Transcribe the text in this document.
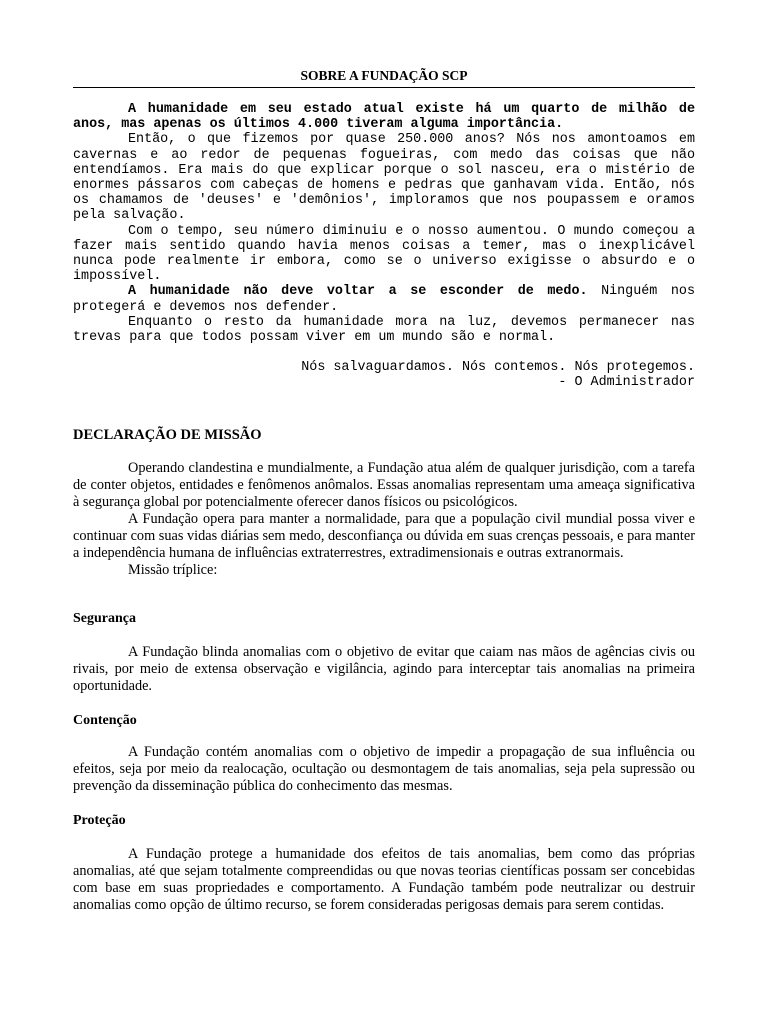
SOBRE A FUNDAÇÃO SCP

A humanidade em seu estado atual existe há um quarto de milhão de anos, mas apenas os últimos 4.000 tiveram alguma importância.

Então, o que fizemos por quase 250.000 anos? Nós nos amontoamos em cavernas e ao redor de pequenas fogueiras, com medo das coisas que não entendíamos. Era mais do que explicar porque o sol nasceu, era o mistério de enormes pássaros com cabeças de homens e pedras que ganhavam vida. Então, nós os chamamos de 'deuses' e 'demônios', imploramos que nos poupassem e oramos pela salvação.

Com o tempo, seu número diminuiu e o nosso aumentou. O mundo começou a fazer mais sentido quando havia menos coisas a temer, mas o inexplicável nunca pode realmente ir embora, como se o universo exigisse o absurdo e o impossível.

A humanidade não deve voltar a se esconder de medo. Ninguém nos protegerá e devemos nos defender.

Enquanto o resto da humanidade mora na luz, devemos permanecer nas trevas para que todos possam viver em um mundo são e normal.

Nós salvaguardamos. Nós contemos. Nós protegemos.
- O Administrador
DECLARAÇÃO DE MISSÃO

Operando clandestina e mundialmente, a Fundação atua além de qualquer jurisdição, com a tarefa de conter objetos, entidades e fenômenos anômalos. Essas anomalias representam uma ameaça significativa à segurança global por potencialmente oferecer danos físicos ou psicológicos.

A Fundação opera para manter a normalidade, para que a população civil mundial possa viver e continuar com suas vidas diárias sem medo, desconfiança ou dúvida em suas crenças pessoais, e para manter a independência humana de influências extraterrestres, extradimensionais e outras extranormais.

Missão tríplice:

Segurança

A Fundação blinda anomalias com o objetivo de evitar que caiam nas mãos de agências civis ou rivais, por meio de extensa observação e vigilância, agindo para interceptar tais anomalias na primeira oportunidade.

Contenção

A Fundação contém anomalias com o objetivo de impedir a propagação de sua influência ou efeitos, seja por meio da realocação, ocultação ou desmontagem de tais anomalias, seja pela supressão ou prevenção da disseminação pública do conhecimento das mesmas.

Proteção

A Fundação protege a humanidade dos efeitos de tais anomalias, bem como das próprias anomalias, até que sejam totalmente compreendidas ou que novas teorias científicas possam ser concebidas com base em suas propriedades e comportamento. A Fundação também pode neutralizar ou destruir anomalias como opção de último recurso, se forem consideradas perigosas demais para serem contidas.
